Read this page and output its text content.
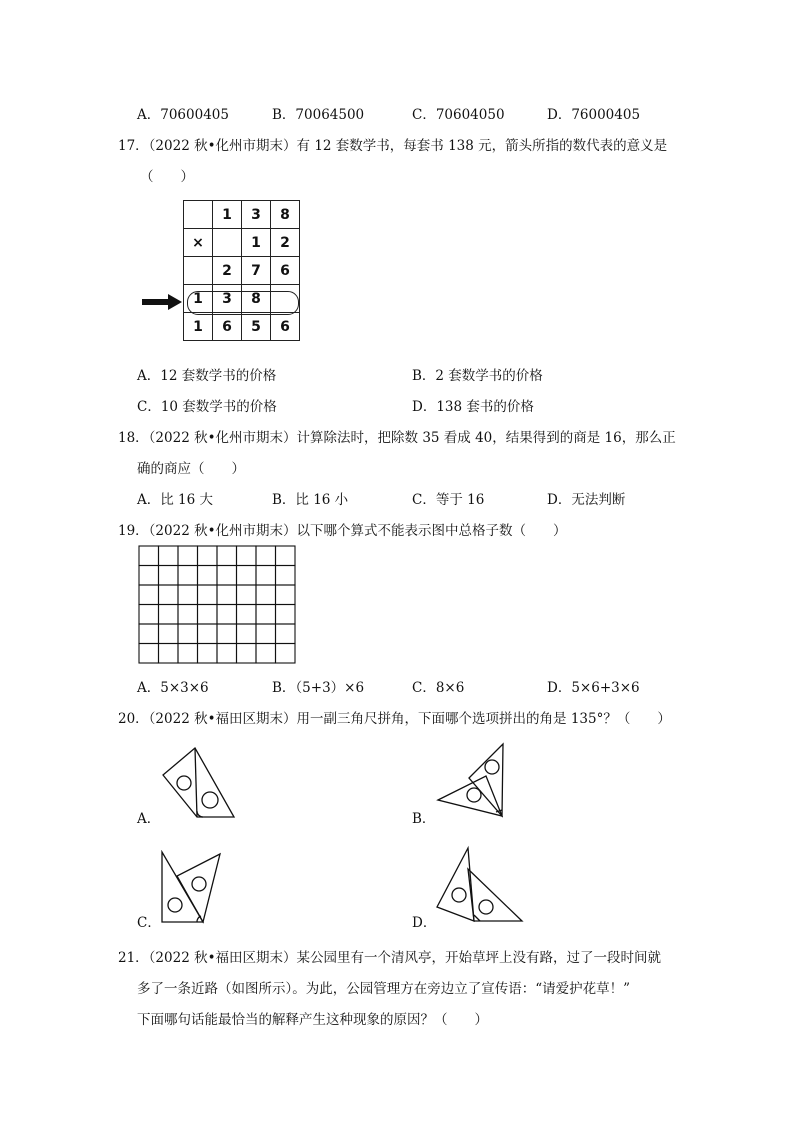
A．70600405	B．70064500	C．70604050	D．76000405
17．（2022 秋•化州市期末）有 12 套数学书，每套书 138 元，箭头所指的数代表的意义是
（　　）
	1	3	8
×		1	2
	2	7	6
1	3	8	
1	6	5	6
A．12 套数学书的价格	B．2 套数学书的价格
C．10 套数学书的价格	D．138 套书的价格
18．（2022 秋•化州市期末）计算除法时，把除数 35 看成 40，结果得到的商是 16，那么正
确的商应（　　）
A．比 16 大	B．比 16 小	C．等于 16	D．无法判断
19．（2022 秋•化州市期末）以下哪个算式不能表示图中总格子数（　　）
A．5×3×6	B．（5+3）×6	C．8×6	D．5×6+3×6
20．（2022 秋•福田区期末）用一副三角尺拼角，下面哪个选项拼出的角是 135°？（　　）
A．	B．
C．	D．
21．（2022 秋•福田区期末）某公园里有一个清风亭，开始草坪上没有路，过了一段时间就
多了一条近路（如图所示）。为此，公园管理方在旁边立了宣传语：“请爱护花草！”
下面哪句话能最恰当的解释产生这种现象的原因？（　　）
